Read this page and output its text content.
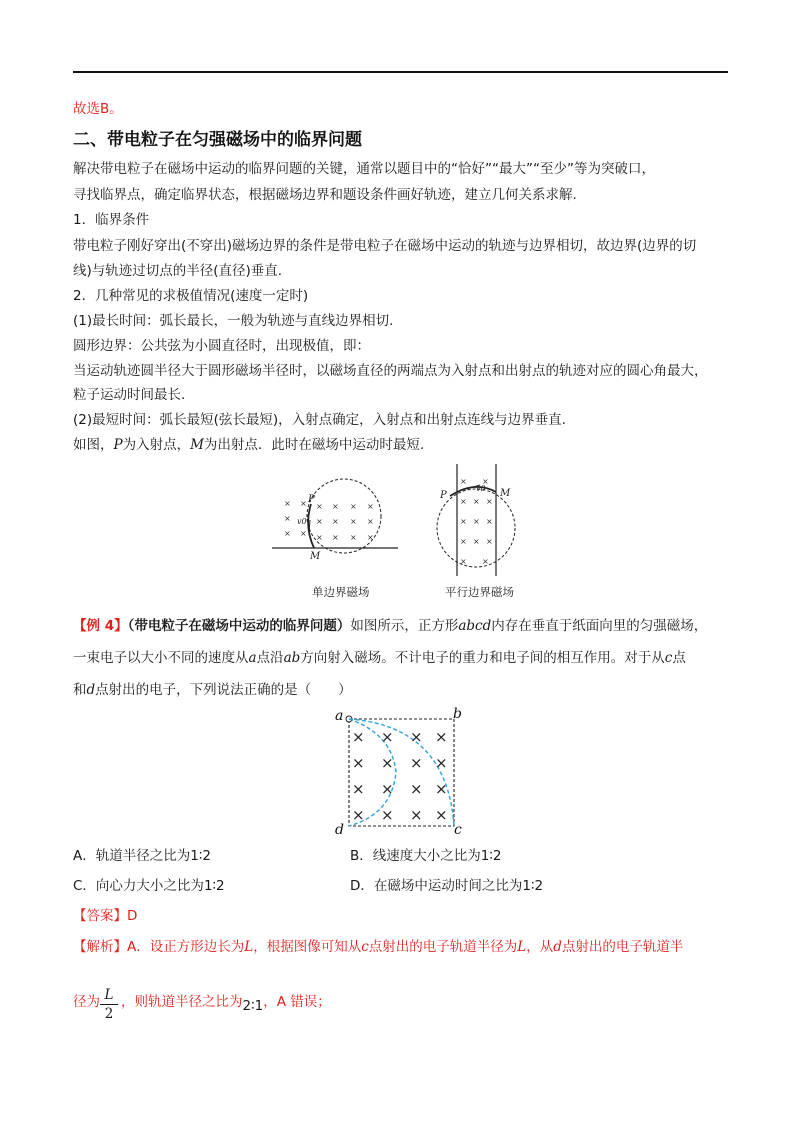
故选B。
二、带电粒子在匀强磁场中的临界问题
解决带电粒子在磁场中运动的临界问题的关键，通常以题目中的“恰好”“最大”“至少”等为突破口，
寻找临界点，确定临界状态，根据磁场边界和题设条件画好轨迹，建立几何关系求解.
1．临界条件
带电粒子刚好穿出(不穿出)磁场边界的条件是带电粒子在磁场中运动的轨迹与边界相切，故边界(边界的切
线)与轨迹过切点的半径(直径)垂直.
2．几种常见的求极值情况(速度一定时)
(1)最长时间：弧长最长，一般为轨迹与直线边界相切.
圆形边界：公共弦为小圆直径时，出现极值，即：
当运动轨迹圆半径大于圆形磁场半径时，以磁场直径的两端点为入射点和出射点的轨迹对应的圆心角最大，
粒子运动时间最长.
(2)最短时间：弧长最短(弦长最短)，入射点确定，入射点和出射点连线与边界垂直.
如图，P为入射点，M为出射点．此时在磁场中运动时最短.
× ×
×
× × × ×
× ×
× × × ×
× × × ×
P
v0
M
单边界磁场
× ×
× × ×
× × ×
× × ×
× ×
P
v0 M
平行边界磁场
【例 4】（带电粒子在磁场中运动的临界问题）如图所示，正方形abcd内存在垂直于纸面向里的匀强磁场，
一束电子以大小不同的速度从a点沿ab方向射入磁场。不计电子的重力和电子间的相互作用。对于从c点
和d点射出的电子，下列说法正确的是（　　）
× × × ×
× × × ×
× × × ×
× × × ×
a	b
c
d
A．轨道半径之比为1∶2	B．线速度大小之比为1∶2
C．向心力大小之比为1∶2	D．在磁场中运动时间之比为1∶2
【答案】D
【解析】A．设正方形边长为L，根据图像可知从c点射出的电子轨道半径为L，从d点射出的电子轨道半
径为 L
2
，则轨道半径之比为2∶1，A 错误；
